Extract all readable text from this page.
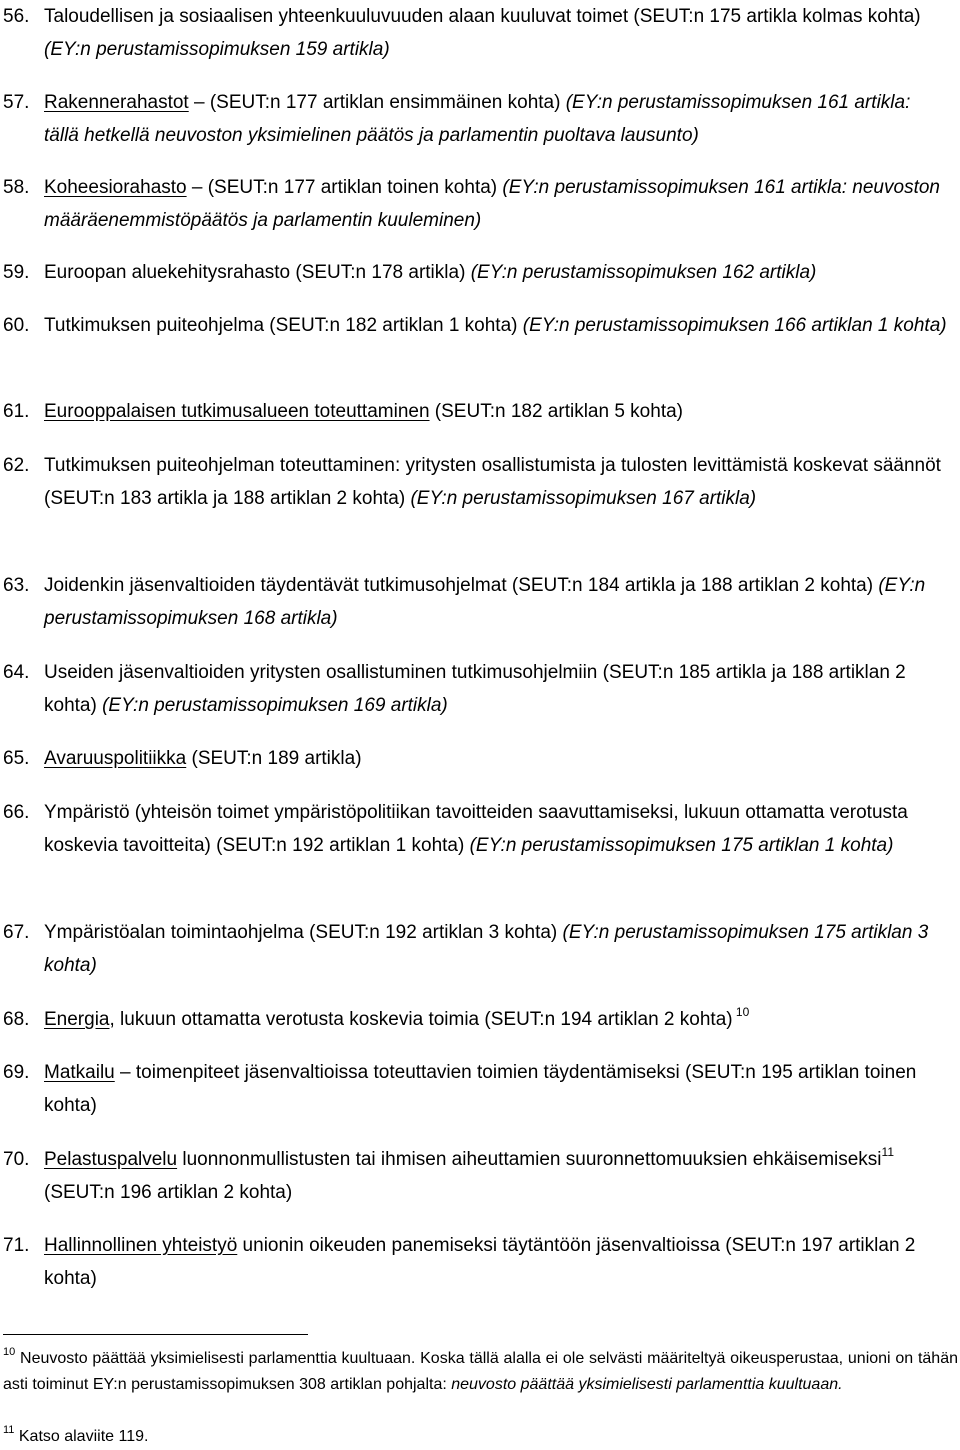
56. Taloudellisen ja sosiaalisen yhteenkuuluvuuden alaan kuuluvat toimet (SEUT:n 175 artikla kolmas kohta) (EY:n perustamissopimuksen 159 artikla)
57. Rakennerahastot – (SEUT:n 177 artiklan ensimmäinen kohta) (EY:n perustamissopimuksen 161 artikla: tällä hetkellä neuvoston yksimielinen päätös ja parlamentin puoltava lausunto)
58. Koheesiorahasto – (SEUT:n 177 artiklan toinen kohta) (EY:n perustamissopimuksen 161 artikla: neuvoston määräenemmistöpäätös ja parlamentin kuuleminen)
59. Euroopan aluekehitysrahasto (SEUT:n 178 artikla) (EY:n perustamissopimuksen 162 artikla)
60. Tutkimuksen puiteohjelma (SEUT:n 182 artiklan 1 kohta) (EY:n perustamissopimuksen 166 artiklan 1 kohta)
61. Eurooppalaisen tutkimusalueen toteuttaminen (SEUT:n 182 artiklan 5 kohta)
62. Tutkimuksen puiteohjelman toteuttaminen: yritysten osallistumista ja tulosten levittämistä koskevat säännöt (SEUT:n 183 artikla ja 188 artiklan 2 kohta) (EY:n perustamissopimuksen 167 artikla)
63. Joidenkin jäsenvaltioiden täydentävät tutkimusohjelmat (SEUT:n 184 artikla ja 188 artiklan 2 kohta) (EY:n perustamissopimuksen 168 artikla)
64. Useiden jäsenvaltioiden yritysten osallistuminen tutkimusohjelmiin (SEUT:n 185 artikla ja 188 artiklan 2 kohta) (EY:n perustamissopimuksen 169 artikla)
65. Avaruuspolitiikka (SEUT:n 189 artikla)
66. Ympäristö (yhteisön toimet ympäristöpolitiikan tavoitteiden saavuttamiseksi, lukuun ottamatta verotusta koskevia tavoitteita) (SEUT:n 192 artiklan 1 kohta) (EY:n perustamissopimuksen 175 artiklan 1 kohta)
67. Ympäristöalan toimintaohjelma (SEUT:n 192 artiklan 3 kohta) (EY:n perustamissopimuksen 175 artiklan 3 kohta)
68. Energia, lukuun ottamatta verotusta koskevia toimia (SEUT:n 194 artiklan 2 kohta) $^{10}$
69. Matkailu – toimenpiteet jäsenvaltioissa toteuttavien toimien täydentämiseksi (SEUT:n 195 artiklan toinen kohta)
70. Pelastuspalvelu luonnonmullistusten tai ihmisen aiheuttamien suuronnettomuuksien ehkäisemiseksi$^{11}$ (SEUT:n 196 artiklan 2 kohta)
71. Hallinnollinen yhteistyö unionin oikeuden panemiseksi täytäntöön jäsenvaltioissa (SEUT:n 197 artiklan 2 kohta)
$^{10}$ Neuvosto päättää yksimielisesti parlamenttia kuultuaan. Koska tällä alalla ei ole selvästi määriteltyä oikeusperustaa, unioni on tähän asti toiminut EY:n perustamissopimuksen 308 artiklan pohjalta: neuvosto päättää yksimielisesti parlamenttia kuultuaan.
$^{11}$ Katso alaviite 119.
